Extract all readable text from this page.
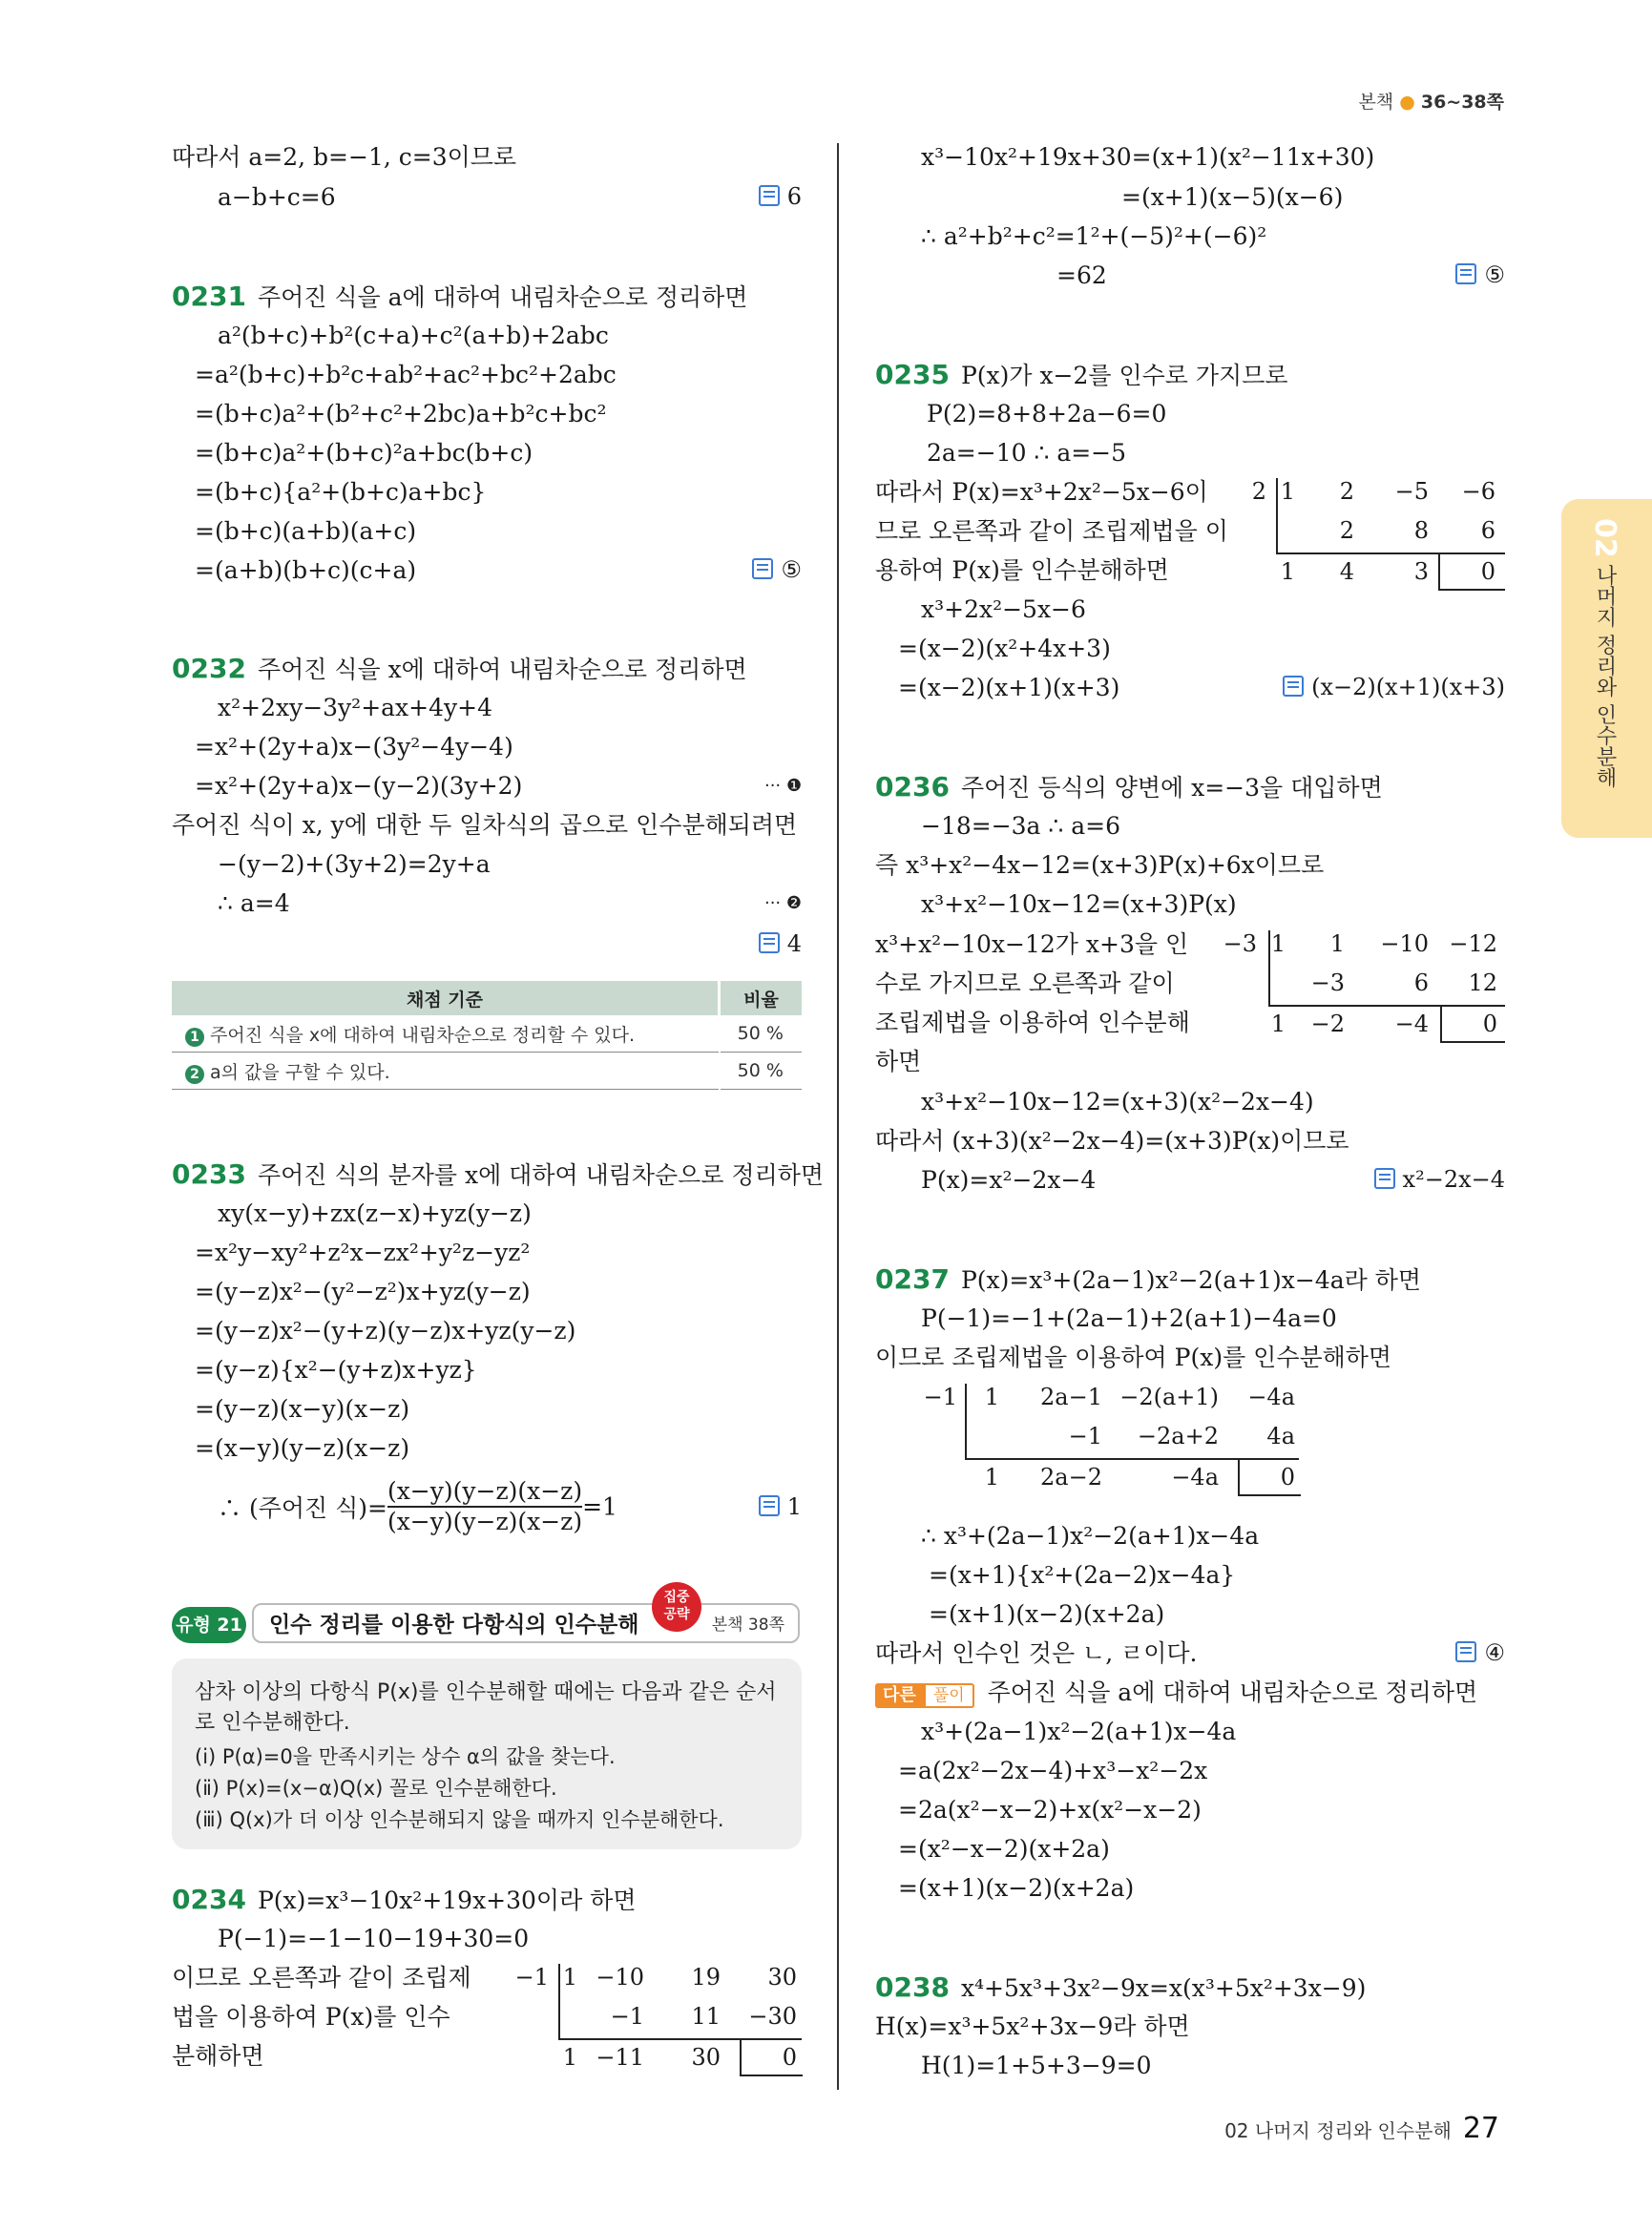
본책 ● 36~38쪽
따라서 a=2, b=−1, c=3이므로
a−b+c=6	6
0231 주어진 식을 a에 대하여 내림차순으로 정리하면
a²(b+c)+b²(c+a)+c²(a+b)+2abc
=a²(b+c)+b²c+ab²+ac²+bc²+2abc
=(b+c)a²+(b²+c²+2bc)a+b²c+bc²
=(b+c)a²+(b+c)²a+bc(b+c)
=(b+c){a²+(b+c)a+bc}
=(b+c)(a+b)(a+c)
=(a+b)(b+c)(c+a)	⑤
0232 주어진 식을 x에 대하여 내림차순으로 정리하면
x²+2xy−3y²+ax+4y+4
=x²+(2y+a)x−(3y²−4y−4)
=x²+(2y+a)x−(y−2)(3y+2)	··· ❶
주어진 식이 x, y에 대한 두 일차식의 곱으로 인수분해되려면
−(y−2)+(3y+2)=2y+a
∴ a=4	··· ❷
4
채점 기준	비율
1 주어진 식을 x에 대하여 내림차순으로 정리할 수 있다.	50 %
2 a의 값을 구할 수 있다.	50 %
0233 주어진 식의 분자를 x에 대하여 내림차순으로 정리하면
xy(x−y)+zx(z−x)+yz(y−z)
=x²y−xy²+z²x−zx²+y²z−yz²
=(y−z)x²−(y²−z²)x+yz(y−z)
=(y−z)x²−(y+z)(y−z)x+yz(y−z)
=(y−z){x²−(y+z)x+yz}
=(y−z)(x−y)(x−z)
=(x−y)(y−z)(x−z)
∴ (주어진 식)= $\frac{(x-y)(y-z)(x-z)}{(x-y)(y-z)(x-z)} =1$	1
유형 21	인수 정리를 이용한 다항식의 인수분해	본책 38쪽
집중
공략
삼차 이상의 다항식 P(x)를 인수분해할 때에는 다음과 같은 순서
로 인수분해한다.
(ⅰ) P(α)=0을 만족시키는 상수 α의 값을 찾는다.
(ⅱ) P(x)=(x−α)Q(x) 꼴로 인수분해한다.
(ⅲ) Q(x)가 더 이상 인수분해되지 않을 때까지 인수분해한다.
0234 P(x)=x³−10x²+19x+30이라 하면
P(−1)=−1−10−19+30=0
이므로 오른쪽과 같이 조립제
법을 이용하여 P(x)를 인수
분해하면
−1 1 −10	19	30
−1	11	−30
1 −11	30	0
x³−10x²+19x+30=(x+1)(x²−11x+30)
=(x+1)(x−5)(x−6)
∴ a²+b²+c²=1²+(−5)²+(−6)²
=62	⑤
0235 P(x)가 x−2를 인수로 가지므로
P(2)=8+8+2a−6=0
2a=−10 ∴ a=−5
따라서 P(x)=x³+2x²−5x−6이
므로 오른쪽과 같이 조립제법을 이
용하여 P(x)를 인수분해하면
x³+2x²−5x−6
=(x−2)(x²+4x+3)
=(x−2)(x+1)(x+3)	(x−2)(x+1)(x+3)
2 1	2	−5	−6
2	8	6
1	4	3	0
0236 주어진 등식의 양변에 x=−3을 대입하면
−18=−3a ∴ a=6
즉 x³+x²−4x−12=(x+3)P(x)+6x이므로
x³+x²−10x−12=(x+3)P(x)
x³+x²−10x−12가 x+3을 인
수로 가지므로 오른쪽과 같이
조립제법을 이용하여 인수분해
하면
x³+x²−10x−12=(x+3)(x²−2x−4)
따라서 (x+3)(x²−2x−4)=(x+3)P(x)이므로
P(x)=x²−2x−4	x²−2x−4
−3 1	1	−10 −12
−3	6	12
1	−2	−4	0
0237 P(x)=x³+(2a−1)x²−2(a+1)x−4a라 하면
P(−1)=−1+(2a−1)+2(a+1)−4a=0
이므로 조립제법을 이용하여 P(x)를 인수분해하면
−1	1	2a−1 −2(a+1)	−4a
−1	−2a+2	4a
1	2a−2	−4a	0
∴ x³+(2a−1)x²−2(a+1)x−4a
=(x+1){x²+(2a−2)x−4a}
=(x+1)(x−2)(x+2a)
따라서 인수인 것은 ㄴ, ㄹ이다.	④
다른 풀이 주어진 식을 a에 대하여 내림차순으로 정리하면
x³+(2a−1)x²−2(a+1)x−4a
=a(2x²−2x−4)+x³−x²−2x
=2a(x²−x−2)+x(x²−x−2)
=(x²−x−2)(x+2a)
=(x+1)(x−2)(x+2a)
0238 x⁴+5x³+3x²−9x=x(x³+5x²+3x−9)
H(x)=x³+5x²+3x−9라 하면
H(1)=1+5+3−9=0
02 나머지 정리와 인수분해
02 나머지 정리와 인수분해 27
